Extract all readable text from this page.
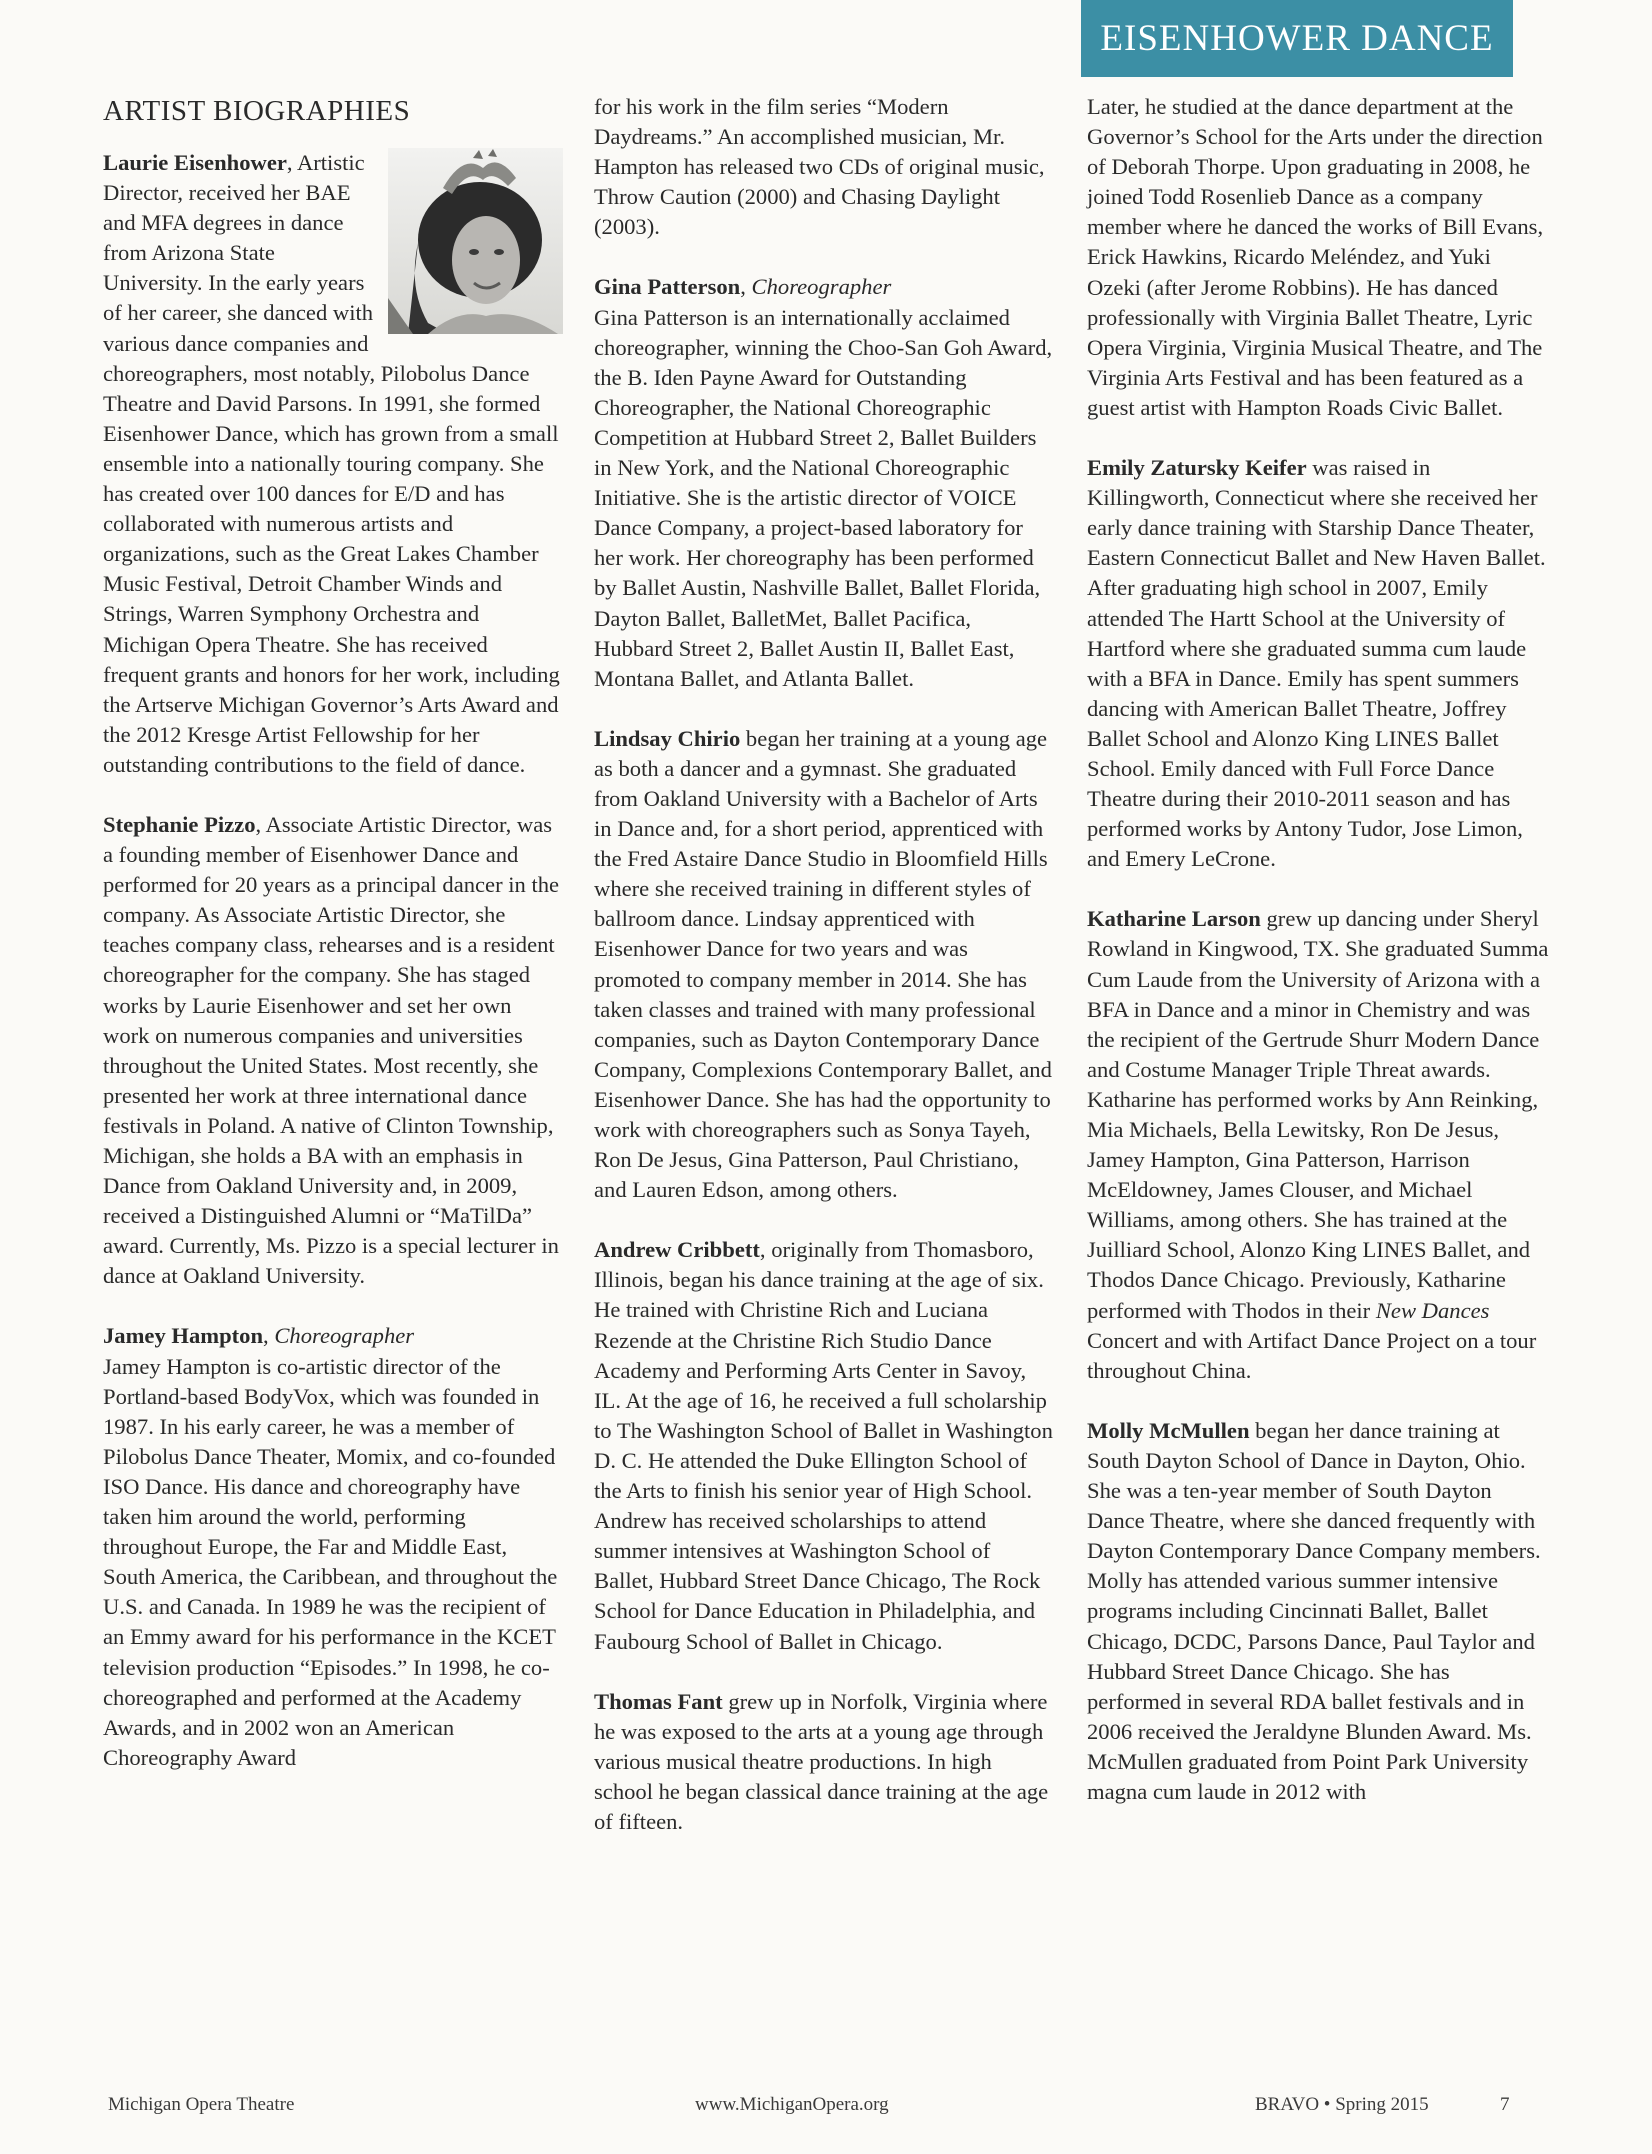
EISENHOWER DANCE
ARTIST BIOGRAPHIES

Laurie Eisenhower, Artistic Director, received her BAE and MFA degrees in dance from Arizona State University. In the early years of her career, she danced with various dance companies and choreographers, most notably, Pilobolus Dance Theatre and David Parsons. In 1991, she formed Eisenhower Dance, which has grown from a small ensemble into a nationally touring company. She has created over 100 dances for E/D and has collaborated with numerous artists and organizations, such as the Great Lakes Chamber Music Festival, Detroit Chamber Winds and Strings, Warren Symphony Orchestra and Michigan Opera Theatre. She has received frequent grants and honors for her work, including the Artserve Michigan Governor’s Arts Award and the 2012 Kresge Artist Fellowship for her outstanding contributions to the field of dance.

Stephanie Pizzo, Associate Artistic Director, was a founding member of Eisenhower Dance and performed for 20 years as a principal dancer in the company. As Associate Artistic Director, she teaches company class, rehearses and is a resident choreographer for the company. She has staged works by Laurie Eisenhower and set her own work on numerous companies and universities throughout the United States. Most recently, she presented her work at three international dance festivals in Poland. A native of Clinton Township, Michigan, she holds a BA with an emphasis in Dance from Oakland University and, in 2009, received a Distinguished Alumni or “MaTilDa” award. Currently, Ms. Pizzo is a special lecturer in dance at Oakland University.

Jamey Hampton, Choreographer
Jamey Hampton is co-artistic director of the Portland-based BodyVox, which was founded in 1987. In his early career, he was a member of Pilobolus Dance Theater, Momix, and co-founded ISO Dance. His dance and choreography have taken him around the world, performing throughout Europe, the Far and Middle East, South America, the Caribbean, and throughout the U.S. and Canada. In 1989 he was the recipient of an Emmy award for his performance in the KCET television production “Episodes.” In 1998, he co-choreographed and performed at the Academy Awards, and in 2002 won an American Choreography Award

for his work in the film series “Modern Daydreams.” An accomplished musician, Mr. Hampton has released two CDs of original music, Throw Caution (2000) and Chasing Daylight (2003).

Gina Patterson, Choreographer
Gina Patterson is an internationally acclaimed choreographer, winning the Choo-San Goh Award, the B. Iden Payne Award for Outstanding Choreographer, the National Choreographic Competition at Hubbard Street 2, Ballet Builders in New York, and the National Choreographic Initiative. She is the artistic director of VOICE Dance Company, a project-based laboratory for her work. Her choreography has been performed by Ballet Austin, Nashville Ballet, Ballet Florida, Dayton Ballet, BalletMet, Ballet Pacifica, Hubbard Street 2, Ballet Austin II, Ballet East, Montana Ballet, and Atlanta Ballet.

Lindsay Chirio began her training at a young age as both a dancer and a gymnast. She graduated from Oakland University with a Bachelor of Arts in Dance and, for a short period, apprenticed with the Fred Astaire Dance Studio in Bloomfield Hills where she received training in different styles of ballroom dance. Lindsay apprenticed with Eisenhower Dance for two years and was promoted to company member in 2014. She has taken classes and trained with many professional companies, such as Dayton Contemporary Dance Company, Complexions Contemporary Ballet, and Eisenhower Dance. She has had the opportunity to work with choreographers such as Sonya Tayeh, Ron De Jesus, Gina Patterson, Paul Christiano, and Lauren Edson, among others.

Andrew Cribbett, originally from Thomasboro, Illinois, began his dance training at the age of six. He trained with Christine Rich and Luciana Rezende at the Christine Rich Studio Dance Academy and Performing Arts Center in Savoy, IL. At the age of 16, he received a full scholarship to The Washington School of Ballet in Washington D. C. He attended the Duke Ellington School of the Arts to finish his senior year of High School. Andrew has received scholarships to attend summer intensives at Washington School of Ballet, Hubbard Street Dance Chicago, The Rock School for Dance Education in Philadelphia, and Faubourg School of Ballet in Chicago.

Thomas Fant grew up in Norfolk, Virginia where he was exposed to the arts at a young age through various musical theatre productions. In high school he began classical dance training at the age of fifteen.

Later, he studied at the dance department at the Governor’s School for the Arts under the direction of Deborah Thorpe. Upon graduating in 2008, he joined Todd Rosenlieb Dance as a company member where he danced the works of Bill Evans, Erick Hawkins, Ricardo Meléndez, and Yuki Ozeki (after Jerome Robbins). He has danced professionally with Virginia Ballet Theatre, Lyric Opera Virginia, Virginia Musical Theatre, and The Virginia Arts Festival and has been featured as a guest artist with Hampton Roads Civic Ballet.

Emily Zatursky Keifer was raised in Killingworth, Connecticut where she received her early dance training with Starship Dance Theater, Eastern Connecticut Ballet and New Haven Ballet. After graduating high school in 2007, Emily attended The Hartt School at the University of Hartford where she graduated summa cum laude with a BFA in Dance. Emily has spent summers dancing with American Ballet Theatre, Joffrey Ballet School and Alonzo King LINES Ballet School. Emily danced with Full Force Dance Theatre during their 2010-2011 season and has performed works by Antony Tudor, Jose Limon, and Emery LeCrone.

Katharine Larson grew up dancing under Sheryl Rowland in Kingwood, TX. She graduated Summa Cum Laude from the University of Arizona with a BFA in Dance and a minor in Chemistry and was the recipient of the Gertrude Shurr Modern Dance and Costume Manager Triple Threat awards. Katharine has performed works by Ann Reinking, Mia Michaels, Bella Lewitsky, Ron De Jesus, Jamey Hampton, Gina Patterson, Harrison McEldowney, James Clouser, and Michael Williams, among others. She has trained at the Juilliard School, Alonzo King LINES Ballet, and Thodos Dance Chicago. Previously, Katharine performed with Thodos in their New Dances Concert and with Artifact Dance Project on a tour throughout China.

Molly McMullen began her dance training at South Dayton School of Dance in Dayton, Ohio. She was a ten-year member of South Dayton Dance Theatre, where she danced frequently with Dayton Contemporary Dance Company members. Molly has attended various summer intensive programs including Cincinnati Ballet, Ballet Chicago, DCDC, Parsons Dance, Paul Taylor and Hubbard Street Dance Chicago. She has performed in several RDA ballet festivals and in 2006 received the Jeraldyne Blunden Award. Ms. McMullen graduated from Point Park University magna cum laude in 2012 with

Michigan Opera Theatre	www.MichiganOpera.org	BRAVO • Spring 2015	7
